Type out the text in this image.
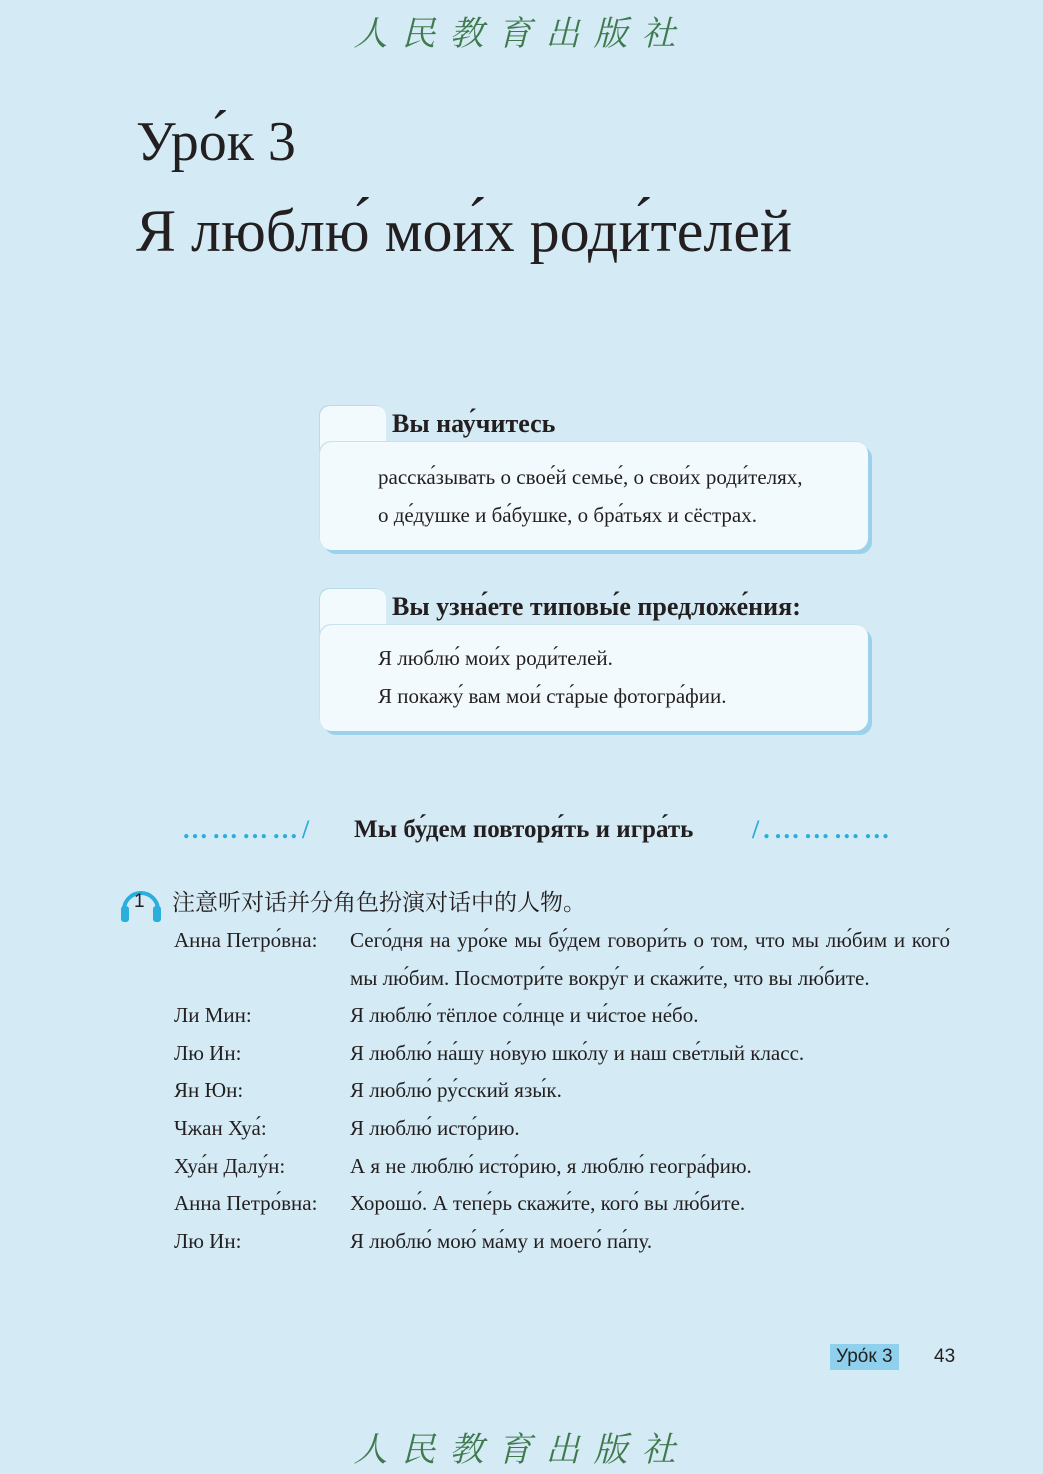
人民教育出版社
Уро́к 3
Я люблю́ мои́х роди́телей
Вы нау́читесь
расска́зывать о свое́й семье́, о свои́х роди́телях,
о де́душке и ба́бушке, о бра́тьях и сёстрах.
Вы узна́ете типовы́е предложе́ния:
Я люблю́ мои́х роди́телей.
Я покажу́ вам мои́ ста́рые фотогра́фии.
…………/ Мы бу́дем повторя́ть и игра́ть /.…………
1 注意听对话并分角色扮演对话中的人物。
Анна Петро́вна:	Сего́дня на уро́ке мы бу́дем говори́ть о том, что мы лю́бим и кого́ мы лю́бим. Посмотри́те вокру́г и скажи́те, что вы лю́бите.
Ли Мин:	Я люблю́ тёплое со́лнце и чи́стое не́бо.
Лю Ин:	Я люблю́ на́шу но́вую шко́лу и наш све́тлый класс.
Ян Юн:	Я люблю́ ру́сский язы́к.
Чжан Хуа́:	Я люблю́ исто́рию.
Хуа́н Далу́н:	А я не люблю́ исто́рию, я люблю́ геогра́фию.
Анна Петро́вна:	Хорошо́. А тепе́рь скажи́те, кого́ вы лю́бите.
Лю Ин:	Я люблю́ мою́ ма́му и моего́ па́пу.
Уро́к 3	43
人民教育出版社
